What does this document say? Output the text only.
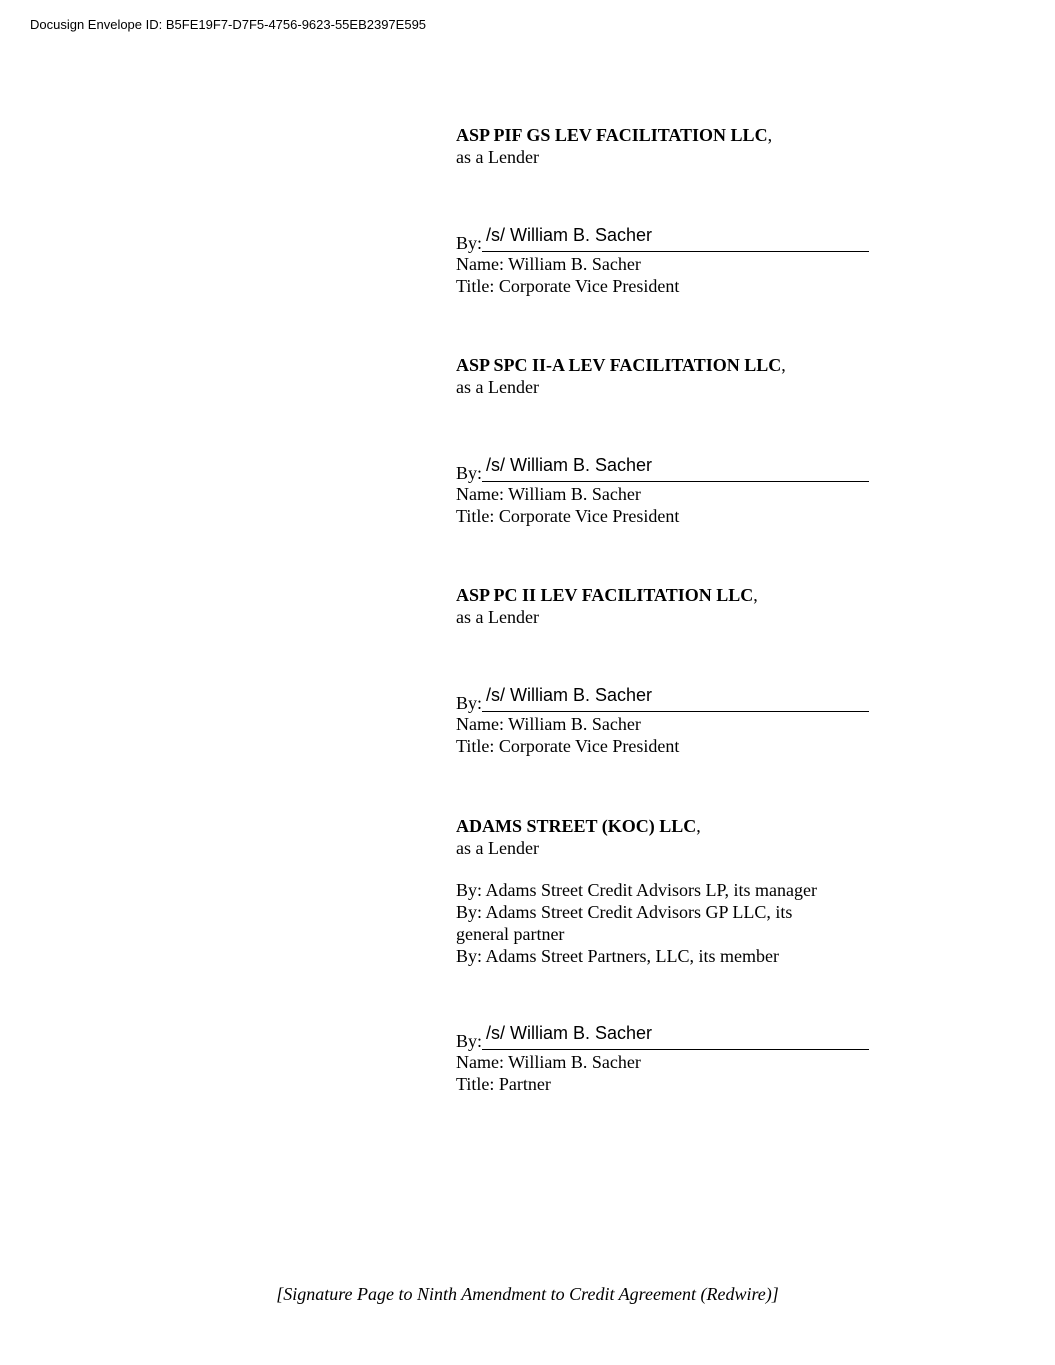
Docusign Envelope ID: B5FE19F7-D7F5-4756-9623-55EB2397E595
ASP PIF GS LEV FACILITATION LLC,
as a Lender
By: /s/ William B. Sacher
Name: William B. Sacher
Title: Corporate Vice President
ASP SPC II-A LEV FACILITATION LLC,
as a Lender
By: /s/ William B. Sacher
Name: William B. Sacher
Title: Corporate Vice President
ASP PC II LEV FACILITATION LLC,
as a Lender
By: /s/ William B. Sacher
Name: William B. Sacher
Title: Corporate Vice President
ADAMS STREET (KOC) LLC,
as a Lender
By: Adams Street Credit Advisors LP, its manager
By: Adams Street Credit Advisors GP LLC, its
general partner
By: Adams Street Partners, LLC, its member
By: /s/ William B. Sacher
Name: William B. Sacher
Title: Partner
[Signature Page to Ninth Amendment to Credit Agreement (Redwire)]
